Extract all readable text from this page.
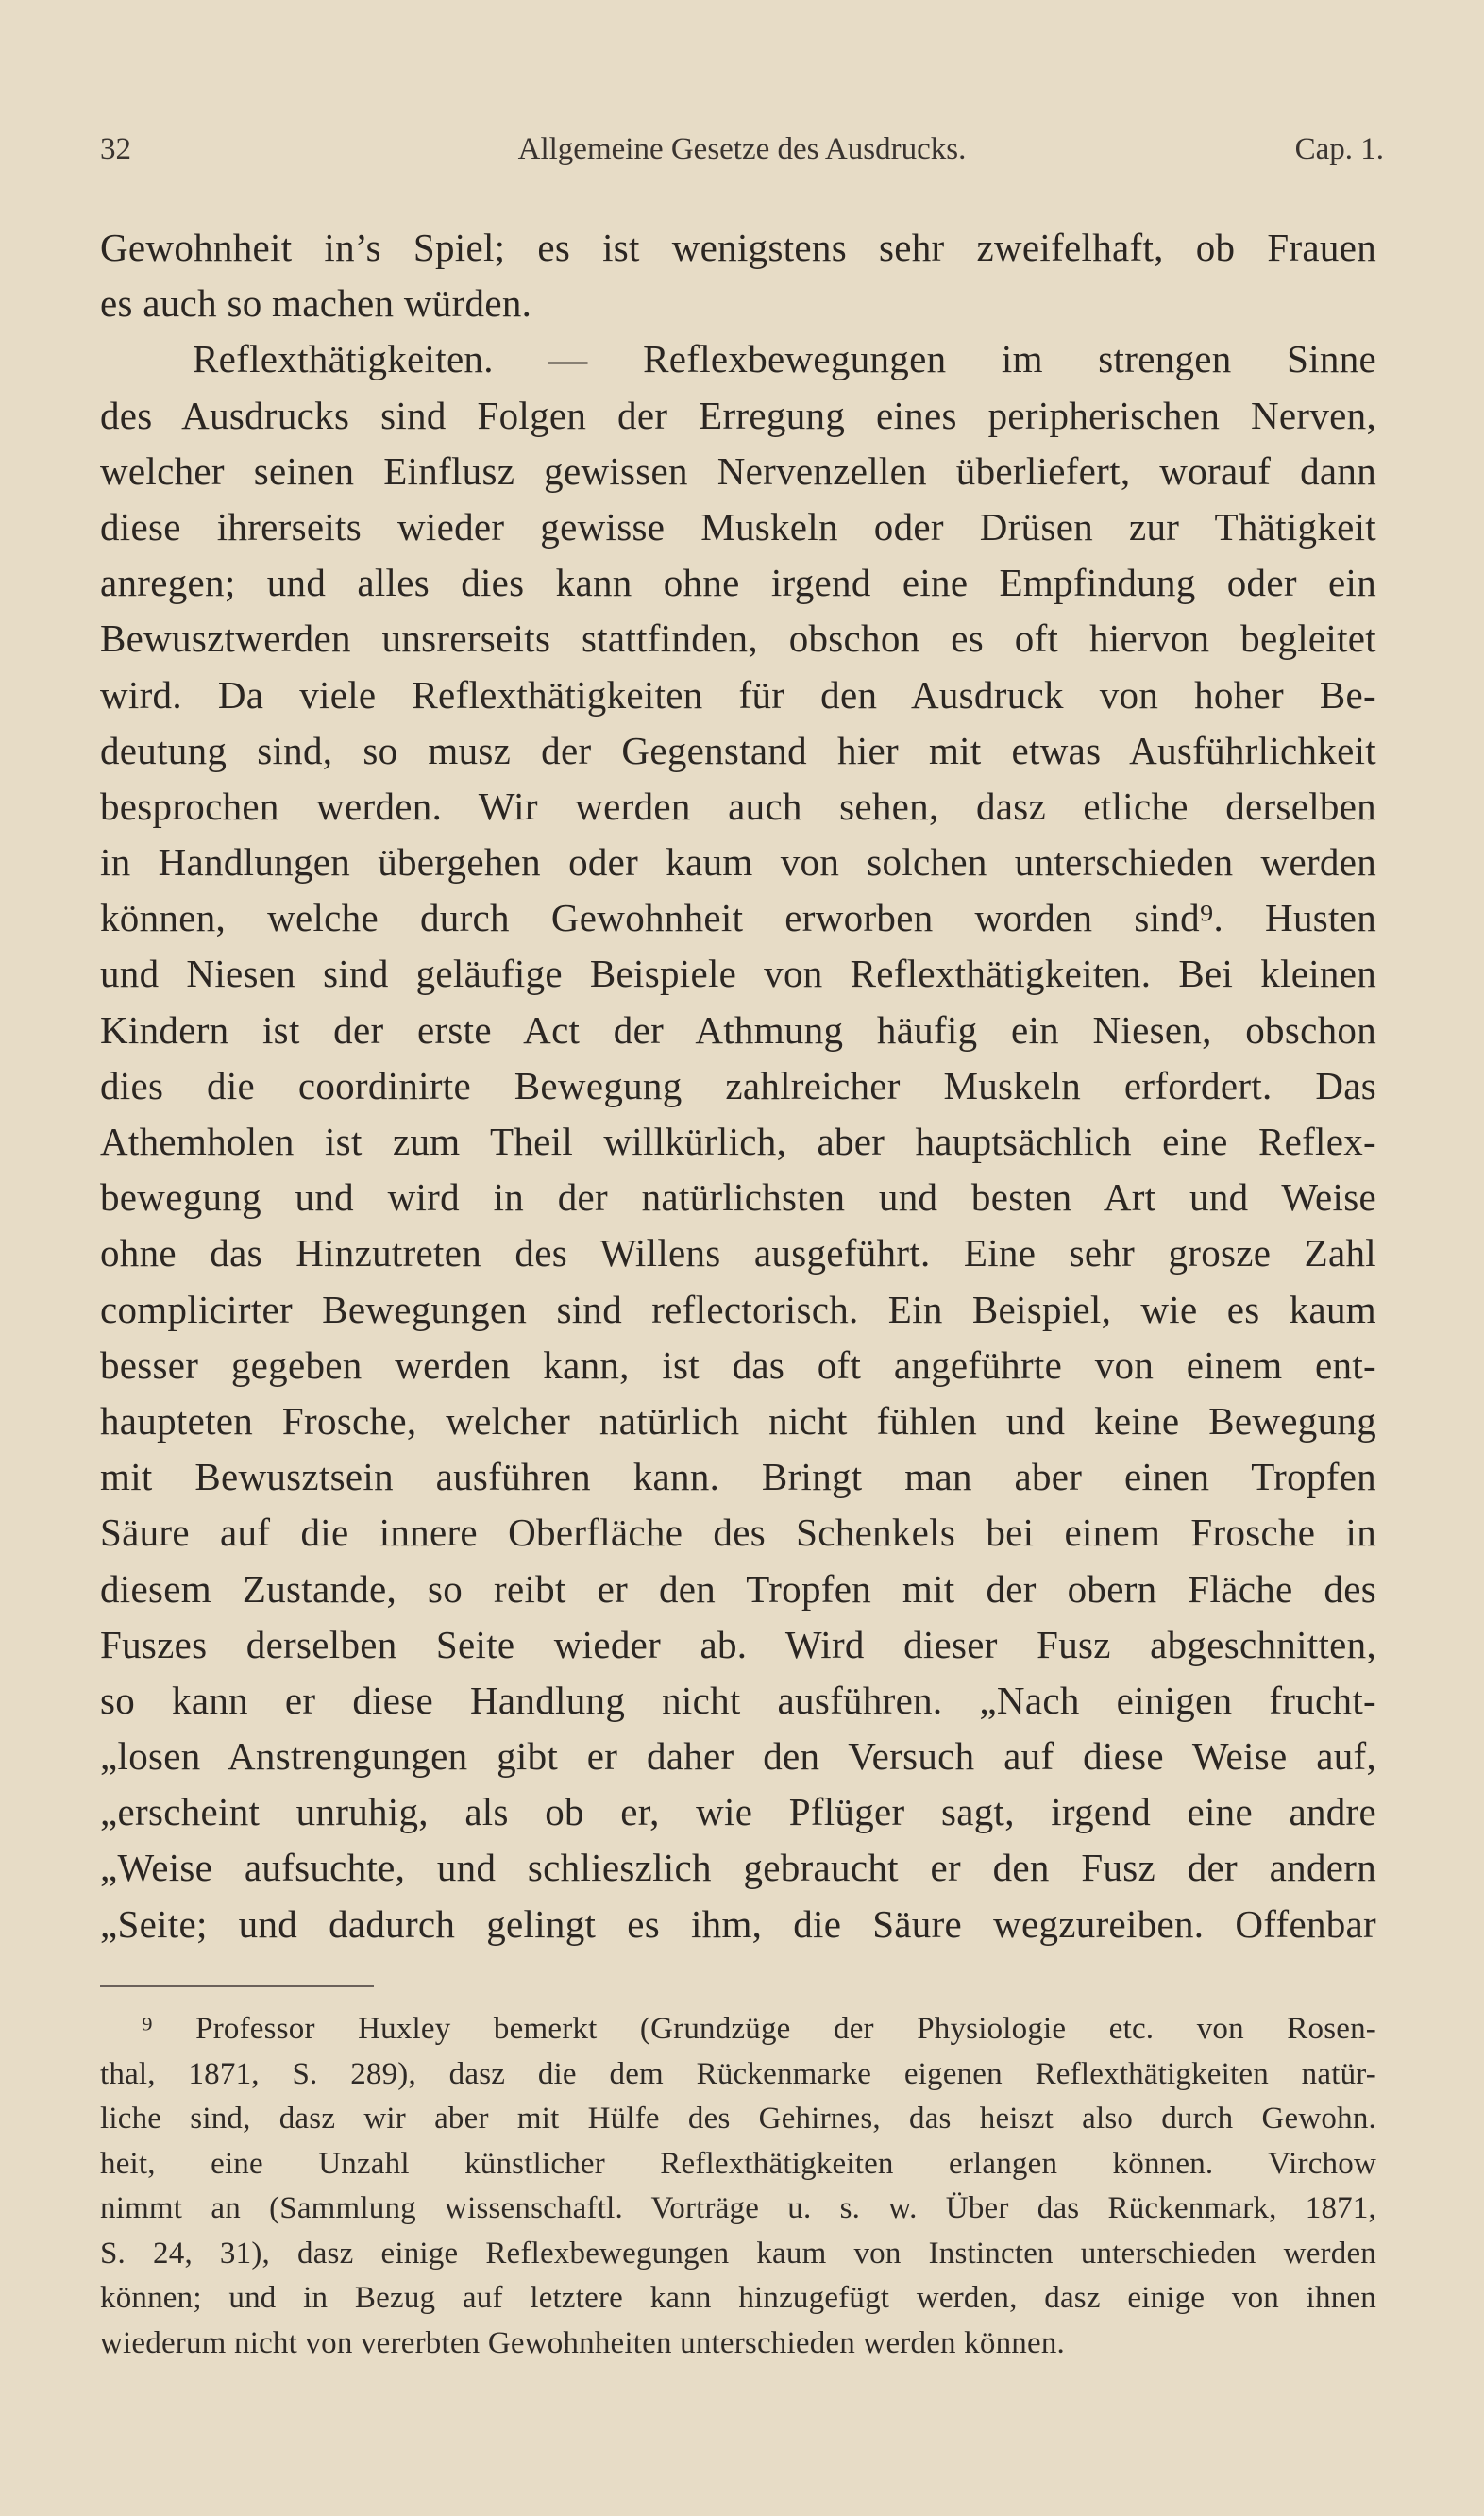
32	Allgemeine Gesetze des Ausdrucks.	Cap. 1.
Gewohnheit in’s Spiel; es ist wenigstens sehr zweifelhaft, ob Frauen
es auch so machen würden.
Reflexthätigkeiten. — Reflexbewegungen im strengen Sinne
des Ausdrucks sind Folgen der Erregung eines peripherischen Nerven,
welcher seinen Einflusz gewissen Nervenzellen überliefert, worauf dann
diese ihrerseits wieder gewisse Muskeln oder Drüsen zur Thätigkeit
anregen; und alles dies kann ohne irgend eine Empfindung oder ein
Bewusztwerden unsrerseits stattfinden, obschon es oft hiervon begleitet
wird. Da viele Reflexthätigkeiten für den Ausdruck von hoher Be-
deutung sind, so musz der Gegenstand hier mit etwas Ausführlichkeit
besprochen werden. Wir werden auch sehen, dasz etliche derselben
in Handlungen übergehen oder kaum von solchen unterschieden werden
können, welche durch Gewohnheit erworben worden sind⁹. Husten
und Niesen sind geläufige Beispiele von Reflexthätigkeiten. Bei kleinen
Kindern ist der erste Act der Athmung häufig ein Niesen, obschon
dies die coordinirte Bewegung zahlreicher Muskeln erfordert. Das
Athemholen ist zum Theil willkürlich, aber hauptsächlich eine Reflex-
bewegung und wird in der natürlichsten und besten Art und Weise
ohne das Hinzutreten des Willens ausgeführt. Eine sehr grosze Zahl
complicirter Bewegungen sind reflectorisch. Ein Beispiel, wie es kaum
besser gegeben werden kann, ist das oft angeführte von einem ent-
haupteten Frosche, welcher natürlich nicht fühlen und keine Bewegung
mit Bewusztsein ausführen kann. Bringt man aber einen Tropfen
Säure auf die innere Oberfläche des Schenkels bei einem Frosche in
diesem Zustande, so reibt er den Tropfen mit der obern Fläche des
Fuszes derselben Seite wieder ab. Wird dieser Fusz abgeschnitten,
so kann er diese Handlung nicht ausführen. „Nach einigen frucht-
„losen Anstrengungen gibt er daher den Versuch auf diese Weise auf,
„erscheint unruhig, als ob er, wie Pflüger sagt, irgend eine andre
„Weise aufsuchte, und schlieszlich gebraucht er den Fusz der andern
„Seite; und dadurch gelingt es ihm, die Säure wegzureiben. Offenbar
⁹ Professor Huxley bemerkt (Grundzüge der Physiologie etc. von Rosen-
thal, 1871, S. 289), dasz die dem Rückenmarke eigenen Reflexthätigkeiten natür-
liche sind, dasz wir aber mit Hülfe des Gehirnes, das heiszt also durch Gewohn.
heit, eine Unzahl künstlicher Reflexthätigkeiten erlangen können. Virchow
nimmt an (Sammlung wissenschaftl. Vorträge u. s. w. Über das Rückenmark, 1871,
S. 24, 31), dasz einige Reflexbewegungen kaum von Instincten unterschieden werden
können; und in Bezug auf letztere kann hinzugefügt werden, dasz einige von ihnen
wiederum nicht von vererbten Gewohnheiten unterschieden werden können.
